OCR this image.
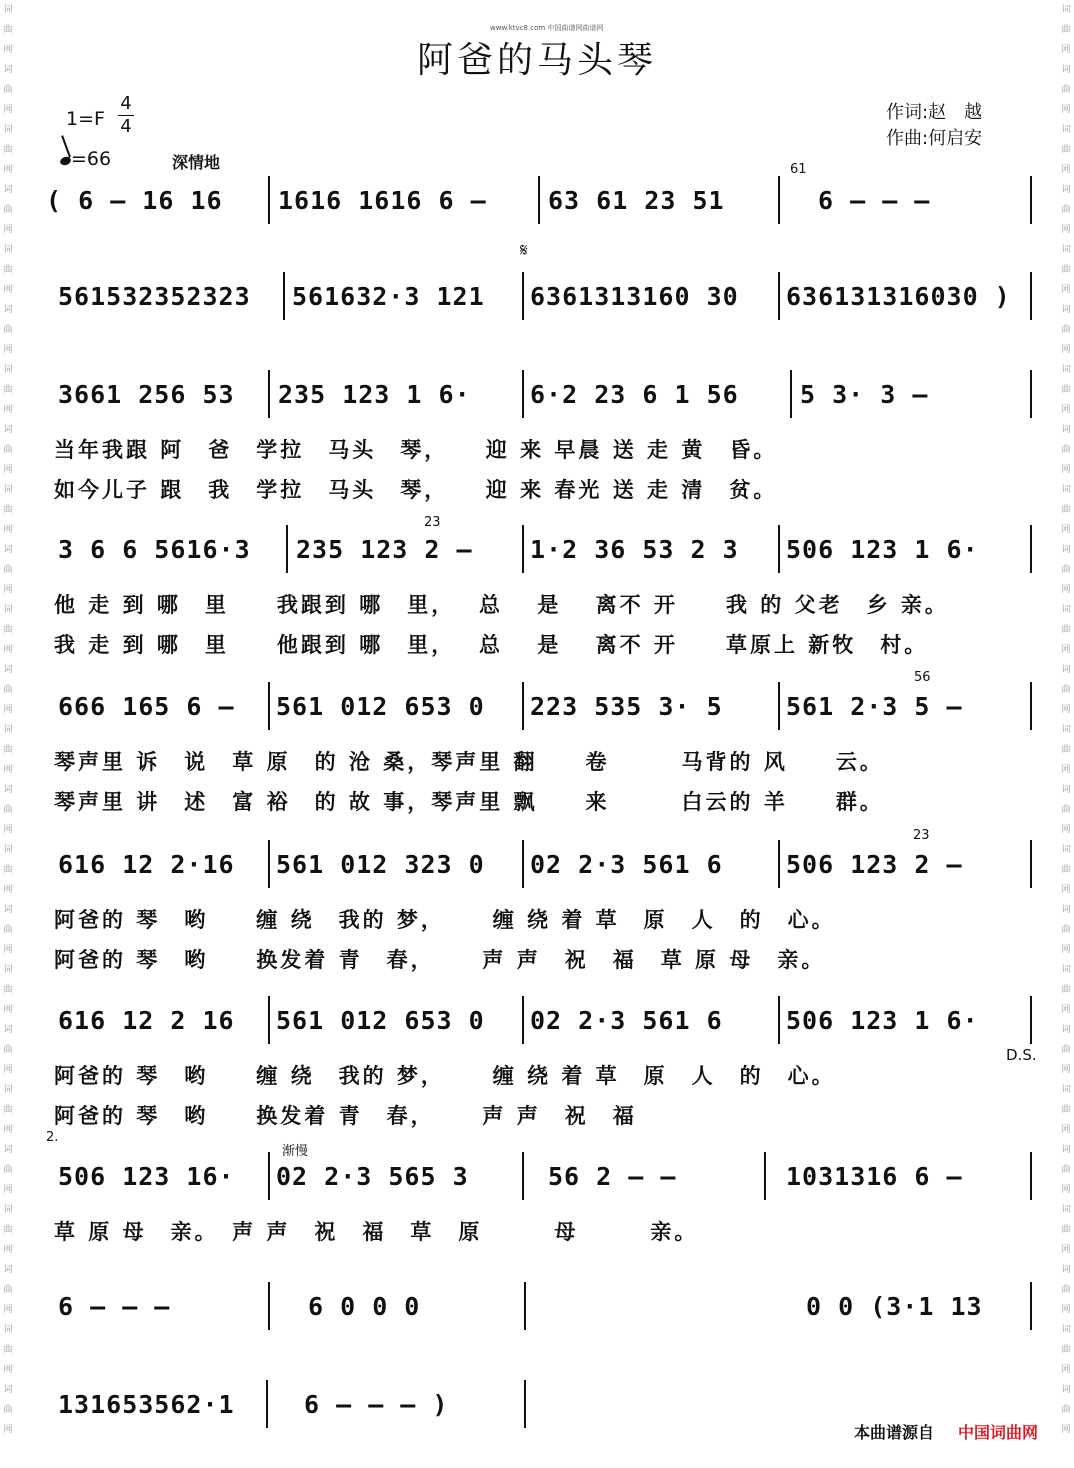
词曲网
词曲网
词曲网
词曲网
词曲网
词曲网
词曲网
词曲网
词曲网
词曲网
词曲网
词曲网
词曲网
词曲网
词曲网
词曲网
词曲网
词曲网
词曲网
词曲网
词曲网
词曲网
词曲网
词曲网

词曲网
词曲网
词曲网
词曲网
词曲网
词曲网
词曲网
词曲网
词曲网
词曲网
词曲网
词曲网
词曲网
词曲网
词曲网
词曲网
词曲网
词曲网
词曲网
词曲网
词曲网
词曲网
词曲网
词曲网

www.ktvc8.com 中国曲谱网曲谱网
阿爸的马头琴
1=F
4
4
=66	深情地
作词:赵　越
作曲:何启安
( 6 – 16 16 1616 1616 6 – 63 61 23 51	6 – – –
561532352323 561632·3 121 6361313160 30 636131316030 )
3661 256 53 235 123 1 6· 6·2 23 6 1 56 5 3· 3 –
当年我跟 阿　爸　学拉　马头　琴，　　迎 来 早晨 送 走 黄　昏。
如今儿子 跟　我　学拉　马头　琴，　　迎 来 春光 送 走 清　贫。
3 6 6 5616·3 235 123 2 – 1·2 36 53 2 3 506 123 1 6·
他 走 到 哪　里　　我跟到 哪　里，　 总　 是　 离不 开　　我 的 父老　乡 亲。
我 走 到 哪　里　　他跟到 哪　里，　 总　 是　 离不 开　　草原上 新牧　村。
666 165 6 – 561 012 653 0 223 535 3· 5	561 2·3 5 –
琴声里 诉　说　草 原　的 沧 桑，琴声里 翻　　卷　　　马背的 风　　云。
琴声里 讲　述　富 裕　的 故 事，琴声里 飘　　来　　　白云的 羊　　群。
616 12 2·16 561 012 323 0 02 2·3 561 6	506 123 2 –
阿爸的 琴　哟　　缠 绕　我的 梦，　　 缠 绕 着 草　原　人　的　心。
阿爸的 琴　哟　　换发着 青　春，　　 声 声　祝　福　草 原 母　亲。
616 12 2 16 561 012 653 0 02 2·3 561 6	506 123 1 6·
阿爸的 琴　哟　　缠 绕　我的 梦，　　 缠 绕 着 草　原　人　的　心。
阿爸的 琴　哟　　换发着 青　春，　　 声 声　祝　福
506 123 16· 02 2·3 565 3	56 2 – –	1031316 6 –
草 原 母　亲。　声 声　祝　福　草　原　　　母　　　亲。
6 – – –	6 0 0 0	0 0 (3·1 13
131653562·1	6 – – – )
𝄋
61
23
56
23
D.S.
2.
渐慢
本曲谱源自 中国词曲网
